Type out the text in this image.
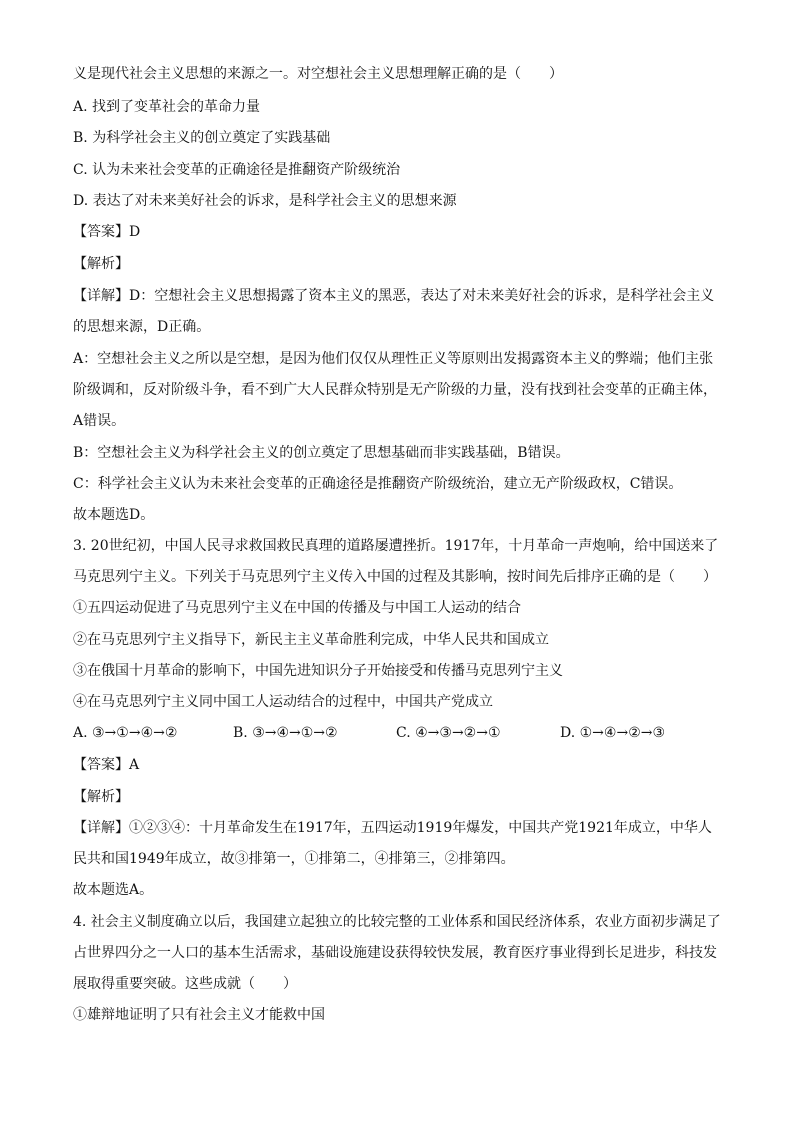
义是现代社会主义思想的来源之一。对空想社会主义思想理解正确的是（　　）
A. 找到了变革社会的革命力量
B. 为科学社会主义的创立奠定了实践基础
C. 认为未来社会变革的正确途径是推翻资产阶级统治
D. 表达了对未来美好社会的诉求，是科学社会主义的思想来源
【答案】D
【解析】
【详解】D：空想社会主义思想揭露了资本主义的黑恶，表达了对未来美好社会的诉求，是科学社会主义
的思想来源，D正确。
A：空想社会主义之所以是空想，是因为他们仅仅从理性正义等原则出发揭露资本主义的弊端；他们主张
阶级调和，反对阶级斗争，看不到广大人民群众特别是无产阶级的力量，没有找到社会变革的正确主体，
A错误。
B：空想社会主义为科学社会主义的创立奠定了思想基础而非实践基础，B错误。
C：科学社会主义认为未来社会变革的正确途径是推翻资产阶级统治，建立无产阶级政权，C错误。
故本题选D。
3. 20世纪初，中国人民寻求救国救民真理的道路屡遭挫折。1917年，十月革命一声炮响，给中国送来了
马克思列宁主义。下列关于马克思列宁主义传入中国的过程及其影响，按时间先后排序正确的是（　　）
①五四运动促进了马克思列宁主义在中国的传播及与中国工人运动的结合
②在马克思列宁主义指导下，新民主主义革命胜利完成，中华人民共和国成立
③在俄国十月革命的影响下，中国先进知识分子开始接受和传播马克思列宁主义
④在马克思列宁主义同中国工人运动结合的过程中，中国共产党成立
A. ③→①→④→②	B. ③→④→①→②	C. ④→③→②→①	D. ①→④→②→③
【答案】A
【解析】
【详解】①②③④：十月革命发生在1917年，五四运动1919年爆发，中国共产党1921年成立，中华人
民共和国1949年成立，故③排第一，①排第二，④排第三，②排第四。
故本题选A。
4. 社会主义制度确立以后，我国建立起独立的比较完整的工业体系和国民经济体系，农业方面初步满足了
占世界四分之一人口的基本生活需求，基础设施建设获得较快发展，教育医疗事业得到长足进步，科技发
展取得重要突破。这些成就（　　）
①雄辩地证明了只有社会主义才能救中国
